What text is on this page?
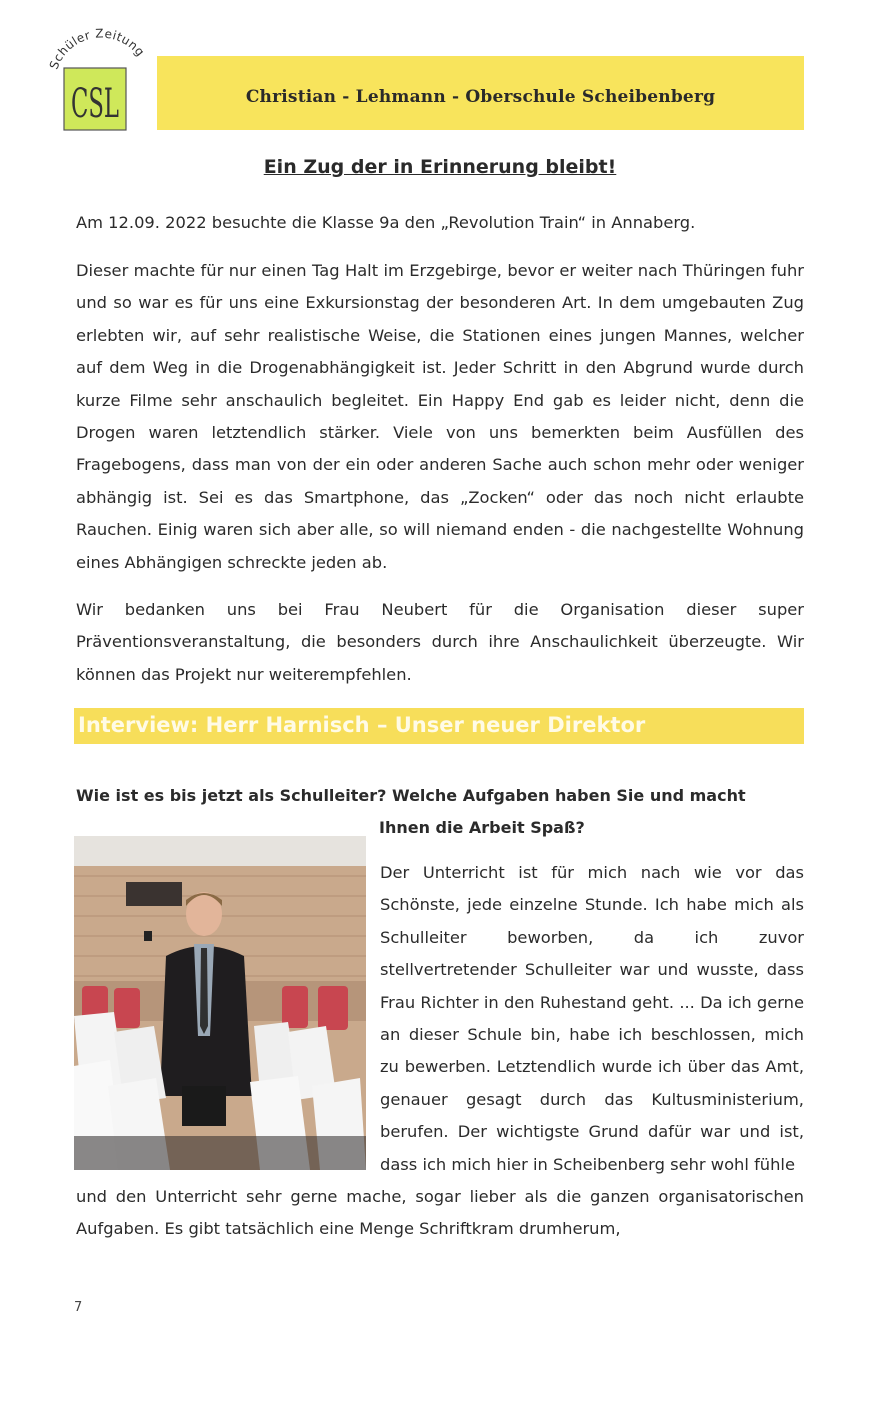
Schüler Zeitung
CSL	Christian - Lehmann - Oberschule Scheibenberg
Ein Zug der in Erinnerung bleibt!

Am 12.09. 2022 besuchte die Klasse 9a den „Revolution Train“ in Annaberg.

Dieser machte für nur einen Tag Halt im Erzgebirge, bevor er weiter nach Thüringen fuhr und so war es für uns eine Exkursionstag der besonderen Art. In dem umgebauten Zug erlebten wir, auf sehr realistische Weise, die Stationen eines jungen Mannes, welcher auf dem Weg in die Drogenabhängigkeit ist. Jeder Schritt in den Abgrund wurde durch kurze Filme sehr anschaulich begleitet. Ein Happy End gab es leider nicht, denn die Drogen waren letztendlich stärker. Viele von uns bemerkten beim Ausfüllen des Fragebogens, dass man von der ein oder anderen Sache auch schon mehr oder weniger abhängig ist. Sei es das Smartphone, das „Zocken“ oder das noch nicht erlaubte Rauchen. Einig waren sich aber alle, so will niemand enden - die nachgestellte Wohnung eines Abhängigen schreckte jeden ab.

Wir bedanken uns bei Frau Neubert für die Organisation dieser super Präventionsveranstaltung, die besonders durch ihre Anschaulichkeit überzeugte. Wir können das Projekt nur weiterempfehlen.

Interview: Herr Harnisch – Unser neuer Direktor

Wie ist es bis jetzt als Schulleiter? Welche Aufgaben haben Sie und macht
Ihnen die Arbeit Spaß?

Der Unterricht ist für mich nach wie vor das Schönste, jede einzelne Stunde. Ich habe mich als Schulleiter beworben, da ich zuvor stellvertretender Schulleiter war und wusste, dass Frau Richter in den Ruhestand geht. ... Da ich gerne an dieser Schule bin, habe ich beschlossen, mich zu bewerben. Letztendlich wurde ich über das Amt, genauer gesagt durch das Kultusministerium, berufen. Der wichtigste Grund dafür war und ist, dass ich mich hier in Scheibenberg sehr wohl fühle

und den Unterricht sehr gerne mache, sogar lieber als die ganzen organisatorischen Aufgaben. Es gibt tatsächlich eine Menge Schriftkram drumherum,

7
